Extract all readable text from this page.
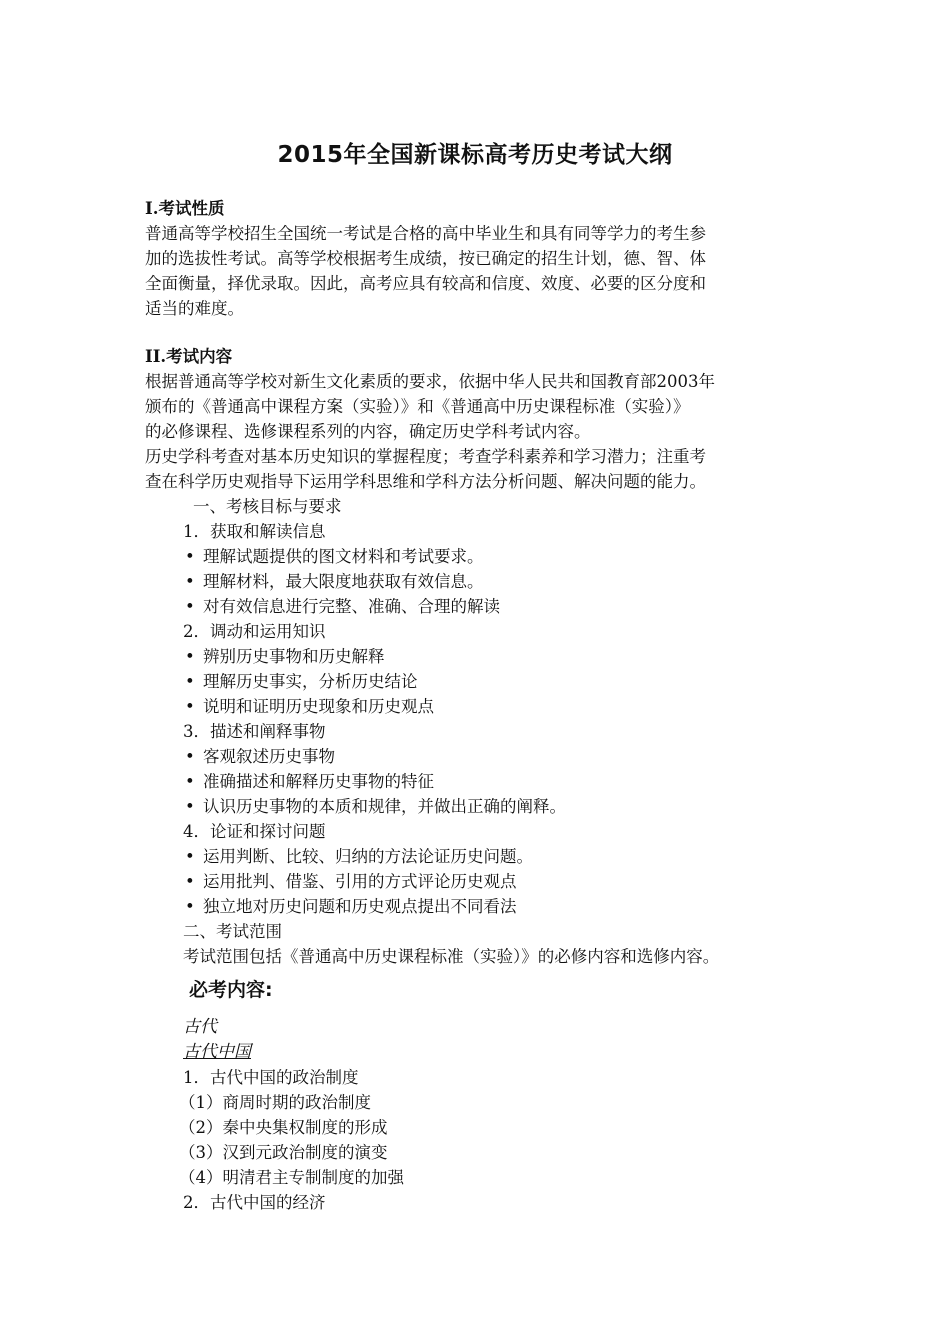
2015年全国新课标高考历史考试大纲
I.考试性质
普通高等学校招生全国统一考试是合格的高中毕业生和具有同等学力的考生参
加的选拔性考试。高等学校根据考生成绩，按已确定的招生计划，德、智、体
全面衡量，择优录取。因此，高考应具有较高和信度、效度、必要的区分度和
适当的难度。
II.考试内容
根据普通高等学校对新生文化素质的要求，依据中华人民共和国教育部2003年
颁布的《普通高中课程方案（实验）》和《普通高中历史课程标准（实验）》
的必修课程、选修课程系列的内容，确定历史学科考试内容。
历史学科考查对基本历史知识的掌握程度；考查学科素养和学习潜力；注重考
查在科学历史观指导下运用学科思维和学科方法分析问题、解决问题的能力。
一、考核目标与要求
1．获取和解读信息
• 理解试题提供的图文材料和考试要求。
• 理解材料，最大限度地获取有效信息。
• 对有效信息进行完整、准确、合理的解读
2．调动和运用知识
• 辨别历史事物和历史解释
• 理解历史事实，分析历史结论
• 说明和证明历史现象和历史观点
3．描述和阐释事物
• 客观叙述历史事物
• 准确描述和解释历史事物的特征
• 认识历史事物的本质和规律，并做出正确的阐释。
4．论证和探讨问题
• 运用判断、比较、归纳的方法论证历史问题。
• 运用批判、借鉴、引用的方式评论历史观点
• 独立地对历史问题和历史观点提出不同看法
二、考试范围
考试范围包括《普通高中历史课程标准（实验）》的必修内容和选修内容。
必考内容:
古代
古代中国
1．古代中国的政治制度
（1）商周时期的政治制度
（2）秦中央集权制度的形成
（3）汉到元政治制度的演变
（4）明清君主专制制度的加强
2．古代中国的经济
